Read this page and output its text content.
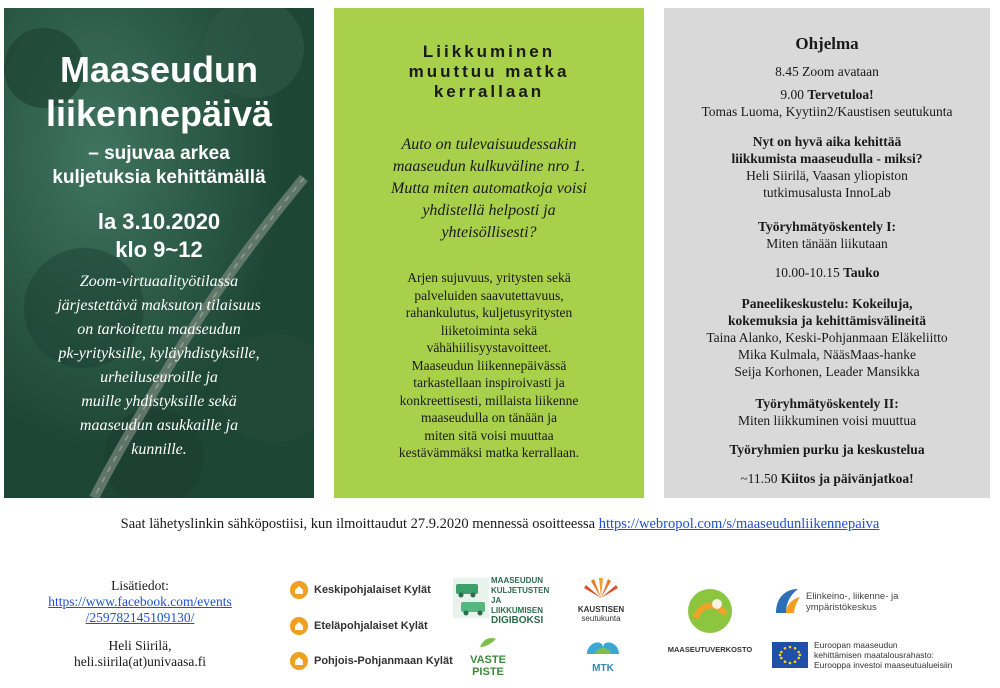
Maaseudun
liikennepäivä
– sujuvaa arkea
kuljetuksia kehittämällä
la 3.10.2020
klo 9~12
Zoom-virtuaalityötilassa
järjestettävä maksuton tilaisuus
on tarkoitettu maaseudun
pk-yrityksille, kyläyhdistyksille,
urheiluseuroille ja
muille yhdistyksille sekä
maaseudun asukkaille ja
kunnille.
Liikkuminen
muuttuu matka
kerrallaan
Auto on tulevaisuudessakin
maaseudun kulkuväline nro 1.
Mutta miten automatkoja voisi
yhdistellä helposti ja
yhteisöllisesti?
Arjen sujuvuus, yritysten sekä
palveluiden saavutettavuus,
rahankulutus, kuljetusyritysten
liiketoiminta sekä
vähähiilisyystavoitteet.
Maaseudun liikennepäivässä
tarkastellaan inspiroivasti ja
konkreettisesti, millaista liikenne
maaseudulla on tänään ja
miten sitä voisi muuttaa
kestävämmäksi matka kerrallaan.
Ohjelma
8.45 Zoom avataan
9.00 Tervetuloa!
Tomas Luoma, Kyytiin2/Kaustisen seutukunta
Nyt on hyvä aika kehittää
liikkumista maaseudulla - miksi?
Heli Siirilä, Vaasan yliopiston
tutkimusalusta InnoLab
Työryhmätyöskentely I:
Miten tänään liikutaan
10.00-10.15 Tauko
Paneelikeskustelu: Kokeiluja,
kokemuksia ja kehittämisvälineitä
Taina Alanko, Keski-Pohjanmaan Eläkeliitto
Mika Kulmala, NääsMaas-hanke
Seija Korhonen, Leader Mansikka
Työryhmätyöskentely II:
Miten liikkuminen voisi muuttua
Työryhmien purku ja keskustelua
~11.50 Kiitos ja päivänjatkoa!
Saat lähetyslinkin sähköpostiisi, kun ilmoittaudut 27.9.2020 mennessä osoitteessa https://webropol.com/s/maaseudunliikennepaiva
Lisätiedot:
https://www.facebook.com/events
/259782145109130/
Heli Siirilä,
heli.siirila(at)univaasa.fi
Keskipohjalaiset Kylät
Eteläpohjalaiset Kylät
Pohjois-Pohjanmaan Kylät
MAASEUDUN
KULJETUSTEN
JA LIIKKUMISEN
DIGIBOKSI
VASTE
PISTE
KAUSTISEN
seutukunta
MTK
MAASEUTUVERKOSTO
Elinkeino-, liikenne- ja
ympäristökeskus
Euroopan maaseudun
kehittämisen maatalousrahasto:
Eurooppa investoi maaseutualueisiin
